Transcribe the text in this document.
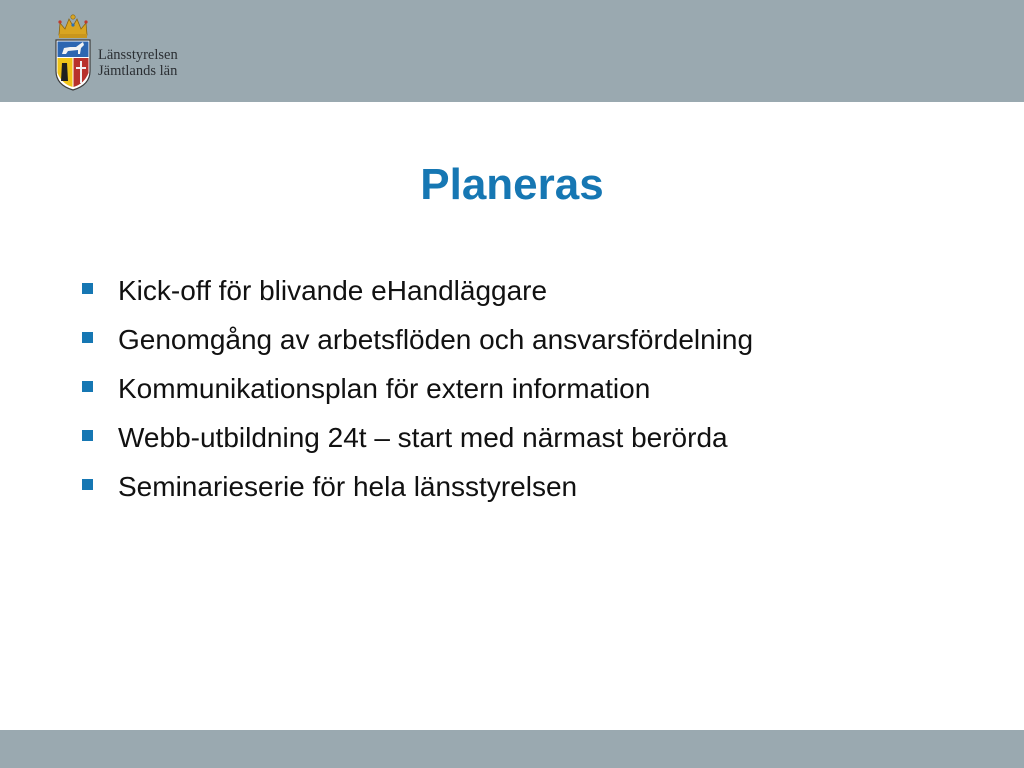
Länsstyrelsen
Jämtlands län
Planeras
Kick-off för blivande eHandläggare
Genomgång av arbetsflöden och ansvarsfördelning
Kommunikationsplan för extern information
Webb-utbildning 24t – start med närmast berörda
Seminarieserie för hela länsstyrelsen
